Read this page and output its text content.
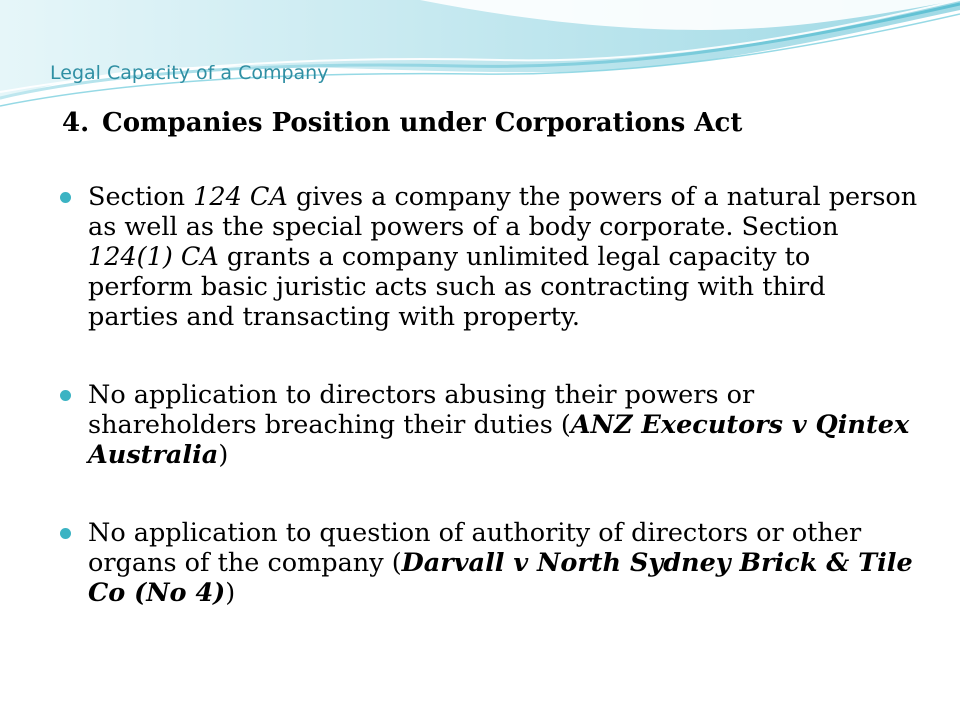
Legal Capacity of a Company
4. Companies Position under Corporations Act
Section 124 CA gives a company the powers of a natural person as well as the special powers of a body corporate. Section 124(1) CA grants a company unlimited legal capacity to perform basic juristic acts such as contracting with third parties and transacting with property.
No application to directors abusing their powers or shareholders breaching their duties (ANZ Executors v Qintex Australia)
No application to question of authority of directors or other organs of the company (Darvall v North Sydney Brick & Tile Co (No 4))
